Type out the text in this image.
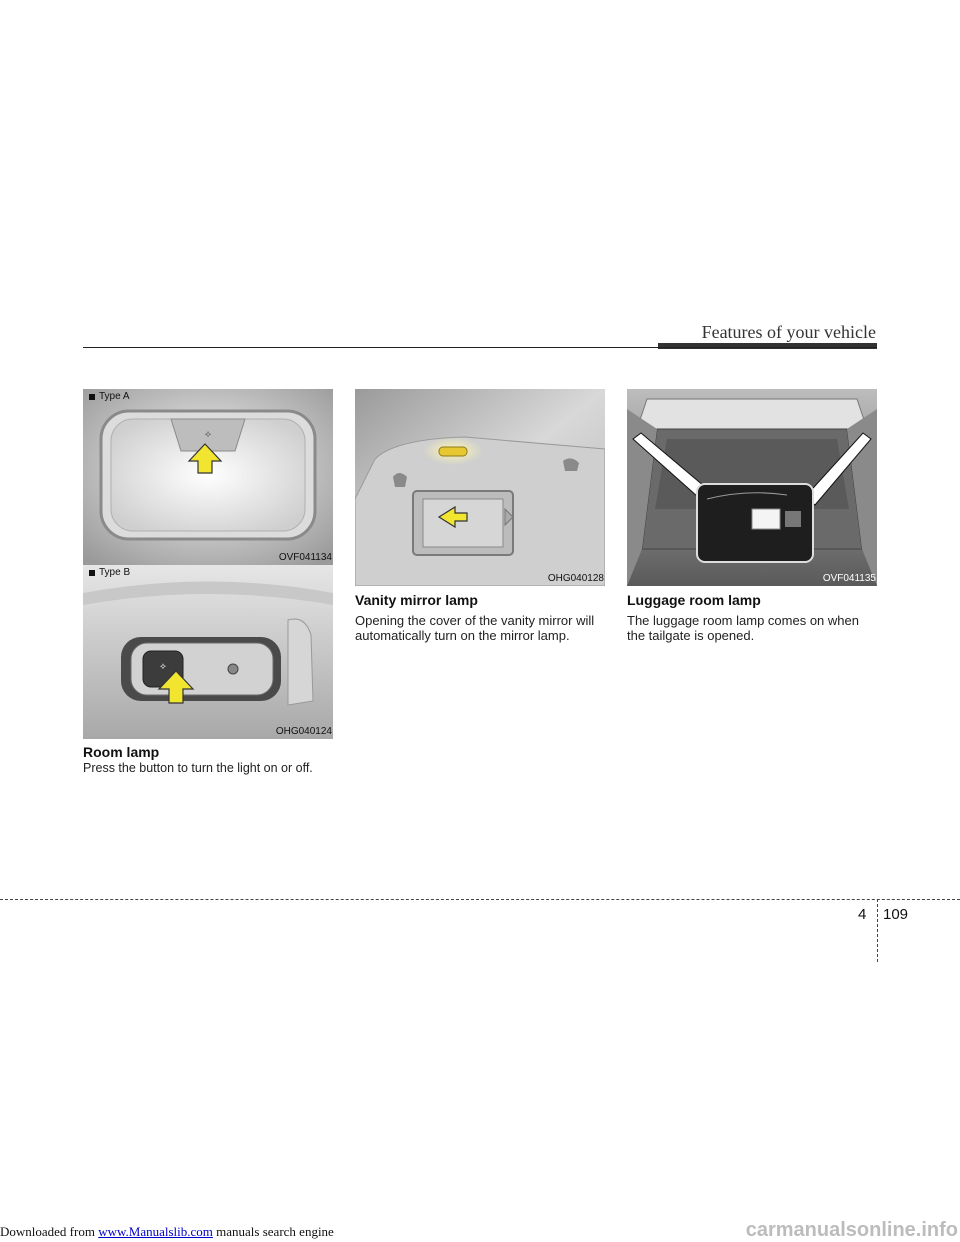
Features of your vehicle
⟡
Type A
OVF041134
⟡
Type B
OHG040124
OHG040128	OVF041135
Room lamp

Press the button to turn the light on or off.

Vanity mirror lamp

Opening the cover of the vanity mirror will

automatically turn on the mirror lamp.

Luggage room lamp

The luggage room lamp comes on when

the tailgate is opened.

4 109
Downloaded from www.Manualslib.com manuals search engine	carmanualsonline.info
